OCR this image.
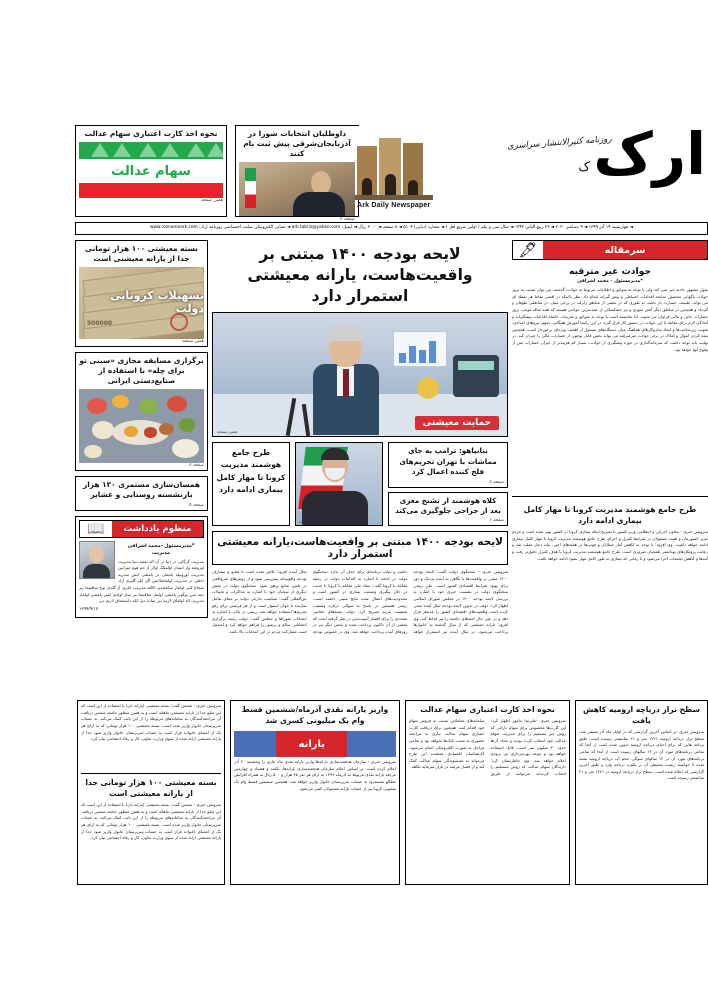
نحوه اخذ کارت اعتباری سهام عدالت
سهام عدالت
همین صفحه
داوطلبان انتخابات شورا در آذربایجان‌شرقی پیش ثبت نام کنند
صفحه ۲
Ark Daily Newspaper
روزنامه کثیرالانتشار سراسری
ک ارک
◄ چهارشنبه ۱۹ آذر ۱۳۹۹ ◄ ۹ دسامبر ۲۰۲۰ ◄ ۲۳ ربیع الثانی ۱۴۴۲ ◄ سال سی و یکم ( اولین سریع اقل ) ◄ شماره (دیاپی) ۵۱۰۴ ◄ ۸ صفحه ◄ ۲۰۰۰ ریال ◄ ایمیل: ark.tabriz@yahoo.com ◄ نشانی الکترونیکی سایت اختصاصی روزنامه ارک: www.roznameark.com
بسته معیشتی ۱۰۰ هزار تومانی جدا از یارانه معیشتی است
500000
تسهیلات کرونایی دولت
همین صفحه
برگزاری مسابقه مجازی «سینی تو برای چله» با استفاده از صنایع‌دستی ایرانی
صفحه ۸
همسان‌سازی مستمری ۱۲۰ هزار بازنشسته روستایی و عشایر
صفحه ۵
منظوم یادداشت
📖
*مدیرمسئول -محمد اشرافی
مدیریت
مدیریت گرگانی در دنیا بر آن اله بقعیه دنیا مدیریت اوزوغته وار انسان اؤلمکک اولار آز جم هوم میزانین مدیریت اوزونیله یامغلی در یاغشی ایش مدیریه داغلی در مدیریت اولماشاایش اگر ایلر گلیری آزاد شجاع کبیر اولماز ساناشدیر کالله مدیریت ایلری آز گلدی یوخ ساقینما بیر دئیه سن بوگون یاغشی اولماز ساقینما بیر ساز اولدی ایش یاغشی اولماز مدیریت اله اولماق لازیم دیر ساده دیل ایله دانیشماق لازیم دیر
۱۳۹۹/۹/۱۷
لایحه بودجه ۱۴۰۰ مبتنی بر واقعیت‌هاست، یارانه معیشتی استمرار دارد
حمایت معیشتی
همین صفحه
نتانیاهو: ترامپ به جای مماشات با تهران تحریم‌های فلج کننده اعمال کرد
صفحه ۳
کلاه هوشمند از تشنج مغزی بعد از جراحی جلوگیری می‌کند
صفحه ۶
همین صفحه
طرح جامع هوشمند مدیریت کرونا تا مهار کامل بیماری ادامه دارد
لایحه بودجه ۱۴۰۰ مبتنی بر واقعیت‌هاست،یارانه معیشتی استمرار دارد
سرویس خبری - سخنگوی دولت گفت: لایحه بودجه ۱۴۰۰ مبتنی بر واقعیت‌ها با نگاهی به آینده نزدیک و دور برای بهبود شرایط اقتصادی کشور است. علی ربیعی سخنگوی دولت در نشست خبری خود با اشاره به بررسی لایحه بودجه ۱۴۰۰ در مجلس شورای اسلامی اظهار کرد: دولت در تدوین لایحه بودجه سال آینده سعی کرده است واقعیت‌های اقتصادی کشور را مدنظر قرار دهد و در عین حال امیدهای جامعه را نیز لحاظ کند. وی افزود: یارانه معیشتی که از سال گذشته به خانوارها پرداخت می‌شود، در سال آینده نیز استمرار خواهد داشت و دولت برنامه‌ای برای حذف آن ندارد. سخنگوی دولت در ادامه با اشاره به اقدامات دولت در زمینه مقابله با کرونا گفت: ستاد ملی مقابله با کرونا با جدیت در حال پیگیری وضعیت بیماری در کشور است و محدودیت‌های اعمال شده نتایج مثبتی داشته است. ربیعی همچنین در پاسخ به سوالی درباره وضعیت معیشت مردم تصریح کرد: دولت بسته‌های حمایتی متعددی را برای اقشار آسیب‌پذیر در نظر گرفته است که بخشی از آن تاکنون پرداخت شده و بخش دیگر نیز در روزهای آینده پرداخت خواهد شد. وی در خصوص بودجه سال آینده افزود: تلاش شده است تا منابع و مصارف بودجه واقع‌بینانه پیش‌بینی شود و از روش‌های غیرواقعی در تامین منابع پرهیز شود. سخنگوی دولت در بخش دیگری از سخنان خود با اشاره به مذاکرات و تحولات بین‌المللی گفت: سیاست خارجی دولت بر مبنای تعامل سازنده با جهان استوار است و از هر فرصتی برای رفع تحریم‌ها استفاده خواهد شد. ربیعی در پایان با اشاره به انتخابات شوراها و مجلس گفت: دولت زمینه برگزاری انتخاباتی سالم و پرشور را فراهم خواهد کرد و امیدوار است مشارکت مردم در این انتخابات بالا باشد.
سرمقاله
🖋
حوادث غیر مترقبه
*مدیرمسئول - محمد اشرافی
بقول مشهور حادثه خبر نمی کند ولی با توجه به سوابق و اطلاعات مربوط به حوادث گذشته، می توان نسبت به بروز حوادث ناگهانی محصول سانحه اقدامات احتیاطی و پیش گیرانه انجام داد. نظر بااینکه در اقصی نقاط هر نقطه ای می تواند، طبیعت خسارت بار باشد، به طوری که در بعضی از مناطق زلزله، در برخی سیل، در مناطقی طوفان و گردباد و همچنین در مناطق دیگر آتش سوزی و نیز خشکسالی از عمده‌ترین حوادثی هستند که همه ساله موجب بروز خسارات جانی و مالی فراوان می شوند. لذا شایسته است با توجه به سوابق و تجربیات حاصله اقدامات پیشگیرانه و آمادگی لازم برای مقابله با این حوادث در دستور کار قرار گیرد. در این راستا آموزش همگانی، تجهیز نیروهای امدادی، تقویت زیرساخت‌ها و ایجاد سازوکارهای هماهنگ میان دستگاه‌های مسئول از اهمیت ویژه‌ای برخوردار است. همچنین بیمه کردن اموال و املاک در برابر حوادث غیرمترقبه می تواند بخش قابل توجهی از خسارات مالی را جبران کند. در نهایت باید توجه داشت که سرمایه‌گذاری در حوزه پیشگیری از حوادث، بسیار کم هزینه‌تر از جبران خسارات پس از وقوع آنها خواهد بود.
طرح جامع هوشمند مدیریت کرونا تا مهار کامل بیماری ادامه دارد
سرویس خبری - معاون اجرایی و انتظامی وزیر کشور با تشریح اینکه بیماری کرونا در کشور بهتر شده است و مردم عزیز کشورمان و همت مسئولان در شرایط کنترل و اجرای طرح جامع هوشمند مدیریت کرونا تا مهار کامل بیماری ادامه خواهد داشت. وی افزود: با توجه به کاهش آمار مبتلایان و فوتی‌ها در هفته‌های اخیر، نباید دچار غفلت شد و رعایت پروتکل‌های بهداشتی همچنان ضروری است. طرح جامع هوشمند مدیریت کرونا با هدف کنترل دقیق‌تر رفت و آمدها و کاهش تجمعات اجرا می‌شود و تا زمانی که بیماری به طور کامل مهار نشود ادامه خواهد یافت.
سطح تراز دریاچه ارومیه کاهش یافت
سرویس خبری -بر اساس آخرین گزارشی که در اوایل ماه آذر منتشر شد، سطح تراز دریاچه ارومیه ۱۲۷۱ متر و ۲۱ سانتیمتر رسیده است. طبق برنامه هایی که برای احیای دریاچه ارومیه تدوین شده است از آنجا که تمامی برنامه‌های مورد آن در ۱۴ سالهای رسیده است از آنجا که تمامی برنامه‌های مورد آن در ۱۴ سالهای متوالی حجم آب دریاچه ارومیه بسته شده تا خواسته زیست محیطی آن بر یکفره دریاچه وارد و طبق آخرین گزارشی که اعلام شده است، سطح تراز دریاچه ارومیه در ۱۲۷۱ متر و ۲۱ سانتیمتر رسیده است.
نحوه اخذ کارت اعتباری سهام عدالت
سرویس خبری -علیرضا مامور اظهار کرد: این کارت‌ها مخصوص برای سهام دارانی که روش غیر مستقیم را برای مدیریت سهام عدالت خود انتخاب کرده بودند و تعداد آن‌ها حدود ۳۰ میلیون نفر است، قابل استفاده خواهد بود و موعد بهره‌برداری نیز بزودی اعلام خواهد شد. وی خاطرنشان کرد: دارندگان سهام عدالت که روش مستقیم را انتخاب کرده‌اند می‌توانند از طریق سامانه‌های معاملاتی نسبت به فروش سهام خود اقدام کنند. همچنین برای دریافت کارت اعتباری سهام عدالت نیازی به مراجعه حضوری به شعب بانک‌ها نخواهد بود و تمامی مراحل به صورت الکترونیکی انجام می‌شود. کارشناسان اقتصادی معتقدند این طرح می‌تواند به نقدشوندگی سهام عدالت کمک کند و از فشار عرضه در بازار سرمایه بکاهد.
واریز یارانه نقدی آذرماه/ششمین قسط وام یک میلیونی کسری شد
یارانه
سرویس خبری - سازمان هدفمندسازی یارانه‌ها واریز یارانه نقدی ماه جاری را پنجشنبه ۲۰ آذر اعلام کرده است. بر اساس اعلام سازمان هدفمندسازی یارانه‌ها، یکصد و هشتاد و چهارمین مرحله یارانه نقدی مربوط به آذرماه ۱۳۹۹ به ازای هر نفر ۴۵ هزار و ۵۰۰ ریال به همراه افزایش مطالع مستمری به حساب سرپرستان خانوار واریز خواهد شد. همچنین ششمین قسط وام یک میلیونی کرونا نیز از حساب یارانه مشمولان کسر می‌شود.
سرویس خبری - شمس گفت: بسته معیشتی (یارانه نان) با استفاده از این است که این مبلغ جدا از یارانه معیشتی ماهانه است و به همین منظور جامعه شمس دریافت آن مراجعه‌کنندگان به سامانه‌های مربوطه را از این بابت کمک می‌کند. به حساب سرپرستان خانوار واریز شده است. بسته معیشتی ۱۰۰ هزار تومانی که به ازای هر یک از اعضای خانواده قرار است به حساب سرپرستان خانوار واریز شود جدا از یارانه معیشتی ارائه شده از سوی وزارت تعاون، کار و رفاه اجتماعی بیان کرد.
بسته معیشتی ۱۰۰ هزار تومانی جدا از یارانه معیشتی است
سرویس خبری - شمس گفت: بسته معیشتی (یارانه نان) با استفاده از این است که این مبلغ جدا از یارانه معیشتی ماهانه است و به همین منظور جامعه شمس دریافت آن مراجعه‌کنندگان به سامانه‌های مربوطه را از این بابت کمک می‌کند. به حساب سرپرستان خانوار واریز شده است. بسته معیشتی ۱۰۰ هزار تومانی که به ازای هر یک از اعضای خانواده قرار است به حساب سرپرستان خانوار واریز شود جدا از یارانه معیشتی ارائه شده از سوی وزارت تعاون، کار و رفاه اجتماعی بیان کرد.
